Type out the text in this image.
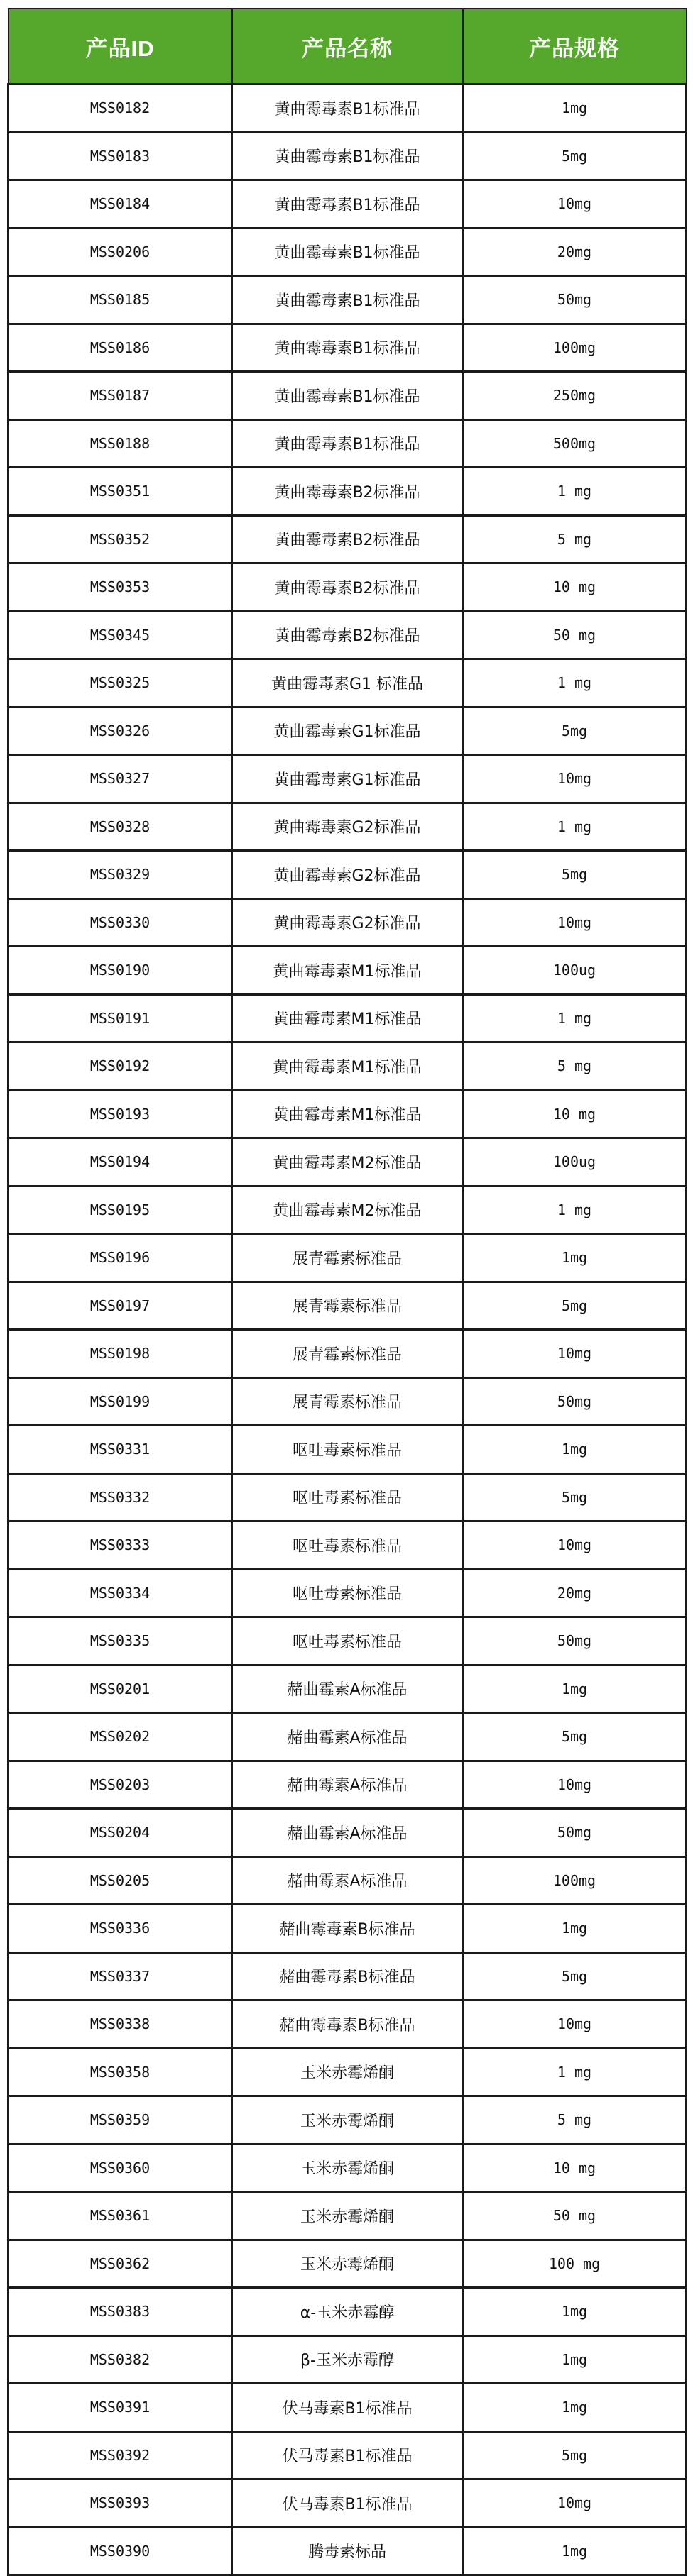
产品ID	产品名称	产品规格
MSS0182	黄曲霉毒素B1标准品	1mg
MSS0183	黄曲霉毒素B1标准品	5mg
MSS0184	黄曲霉毒素B1标准品	10mg
MSS0206	黄曲霉毒素B1标准品	20mg
MSS0185	黄曲霉毒素B1标准品	50mg
MSS0186	黄曲霉毒素B1标准品	100mg
MSS0187	黄曲霉毒素B1标准品	250mg
MSS0188	黄曲霉毒素B1标准品	500mg
MSS0351	黄曲霉毒素B2标准品	1 mg
MSS0352	黄曲霉毒素B2标准品	5 mg
MSS0353	黄曲霉毒素B2标准品	10 mg
MSS0345	黄曲霉毒素B2标准品	50 mg
MSS0325	黄曲霉毒素G1 标准品	1 mg
MSS0326	黄曲霉毒素G1标准品	5mg
MSS0327	黄曲霉毒素G1标准品	10mg
MSS0328	黄曲霉毒素G2标准品	1 mg
MSS0329	黄曲霉毒素G2标准品	5mg
MSS0330	黄曲霉毒素G2标准品	10mg
MSS0190	黄曲霉毒素M1标准品	100ug
MSS0191	黄曲霉毒素M1标准品	1 mg
MSS0192	黄曲霉毒素M1标准品	5 mg
MSS0193	黄曲霉毒素M1标准品	10 mg
MSS0194	黄曲霉毒素M2标准品	100ug
MSS0195	黄曲霉毒素M2标准品	1 mg
MSS0196	展青霉素标准品	1mg
MSS0197	展青霉素标准品	5mg
MSS0198	展青霉素标准品	10mg
MSS0199	展青霉素标准品	50mg
MSS0331	呕吐毒素标准品	1mg
MSS0332	呕吐毒素标准品	5mg
MSS0333	呕吐毒素标准品	10mg
MSS0334	呕吐毒素标准品	20mg
MSS0335	呕吐毒素标准品	50mg
MSS0201	赭曲霉素A标准品	1mg
MSS0202	赭曲霉素A标准品	5mg
MSS0203	赭曲霉素A标准品	10mg
MSS0204	赭曲霉素A标准品	50mg
MSS0205	赭曲霉素A标准品	100mg
MSS0336	赭曲霉毒素B标准品	1mg
MSS0337	赭曲霉毒素B标准品	5mg
MSS0338	赭曲霉毒素B标准品	10mg
MSS0358	玉米赤霉烯酮	1 mg
MSS0359	玉米赤霉烯酮	5 mg
MSS0360	玉米赤霉烯酮	10 mg
MSS0361	玉米赤霉烯酮	50 mg
MSS0362	玉米赤霉烯酮	100 mg
MSS0383	α-玉米赤霉醇	1mg
MSS0382	β-玉米赤霉醇	1mg
MSS0391	伏马毒素B1标准品	1mg
MSS0392	伏马毒素B1标准品	5mg
MSS0393	伏马毒素B1标准品	10mg
MSS0390	腾毒素标品	1mg
